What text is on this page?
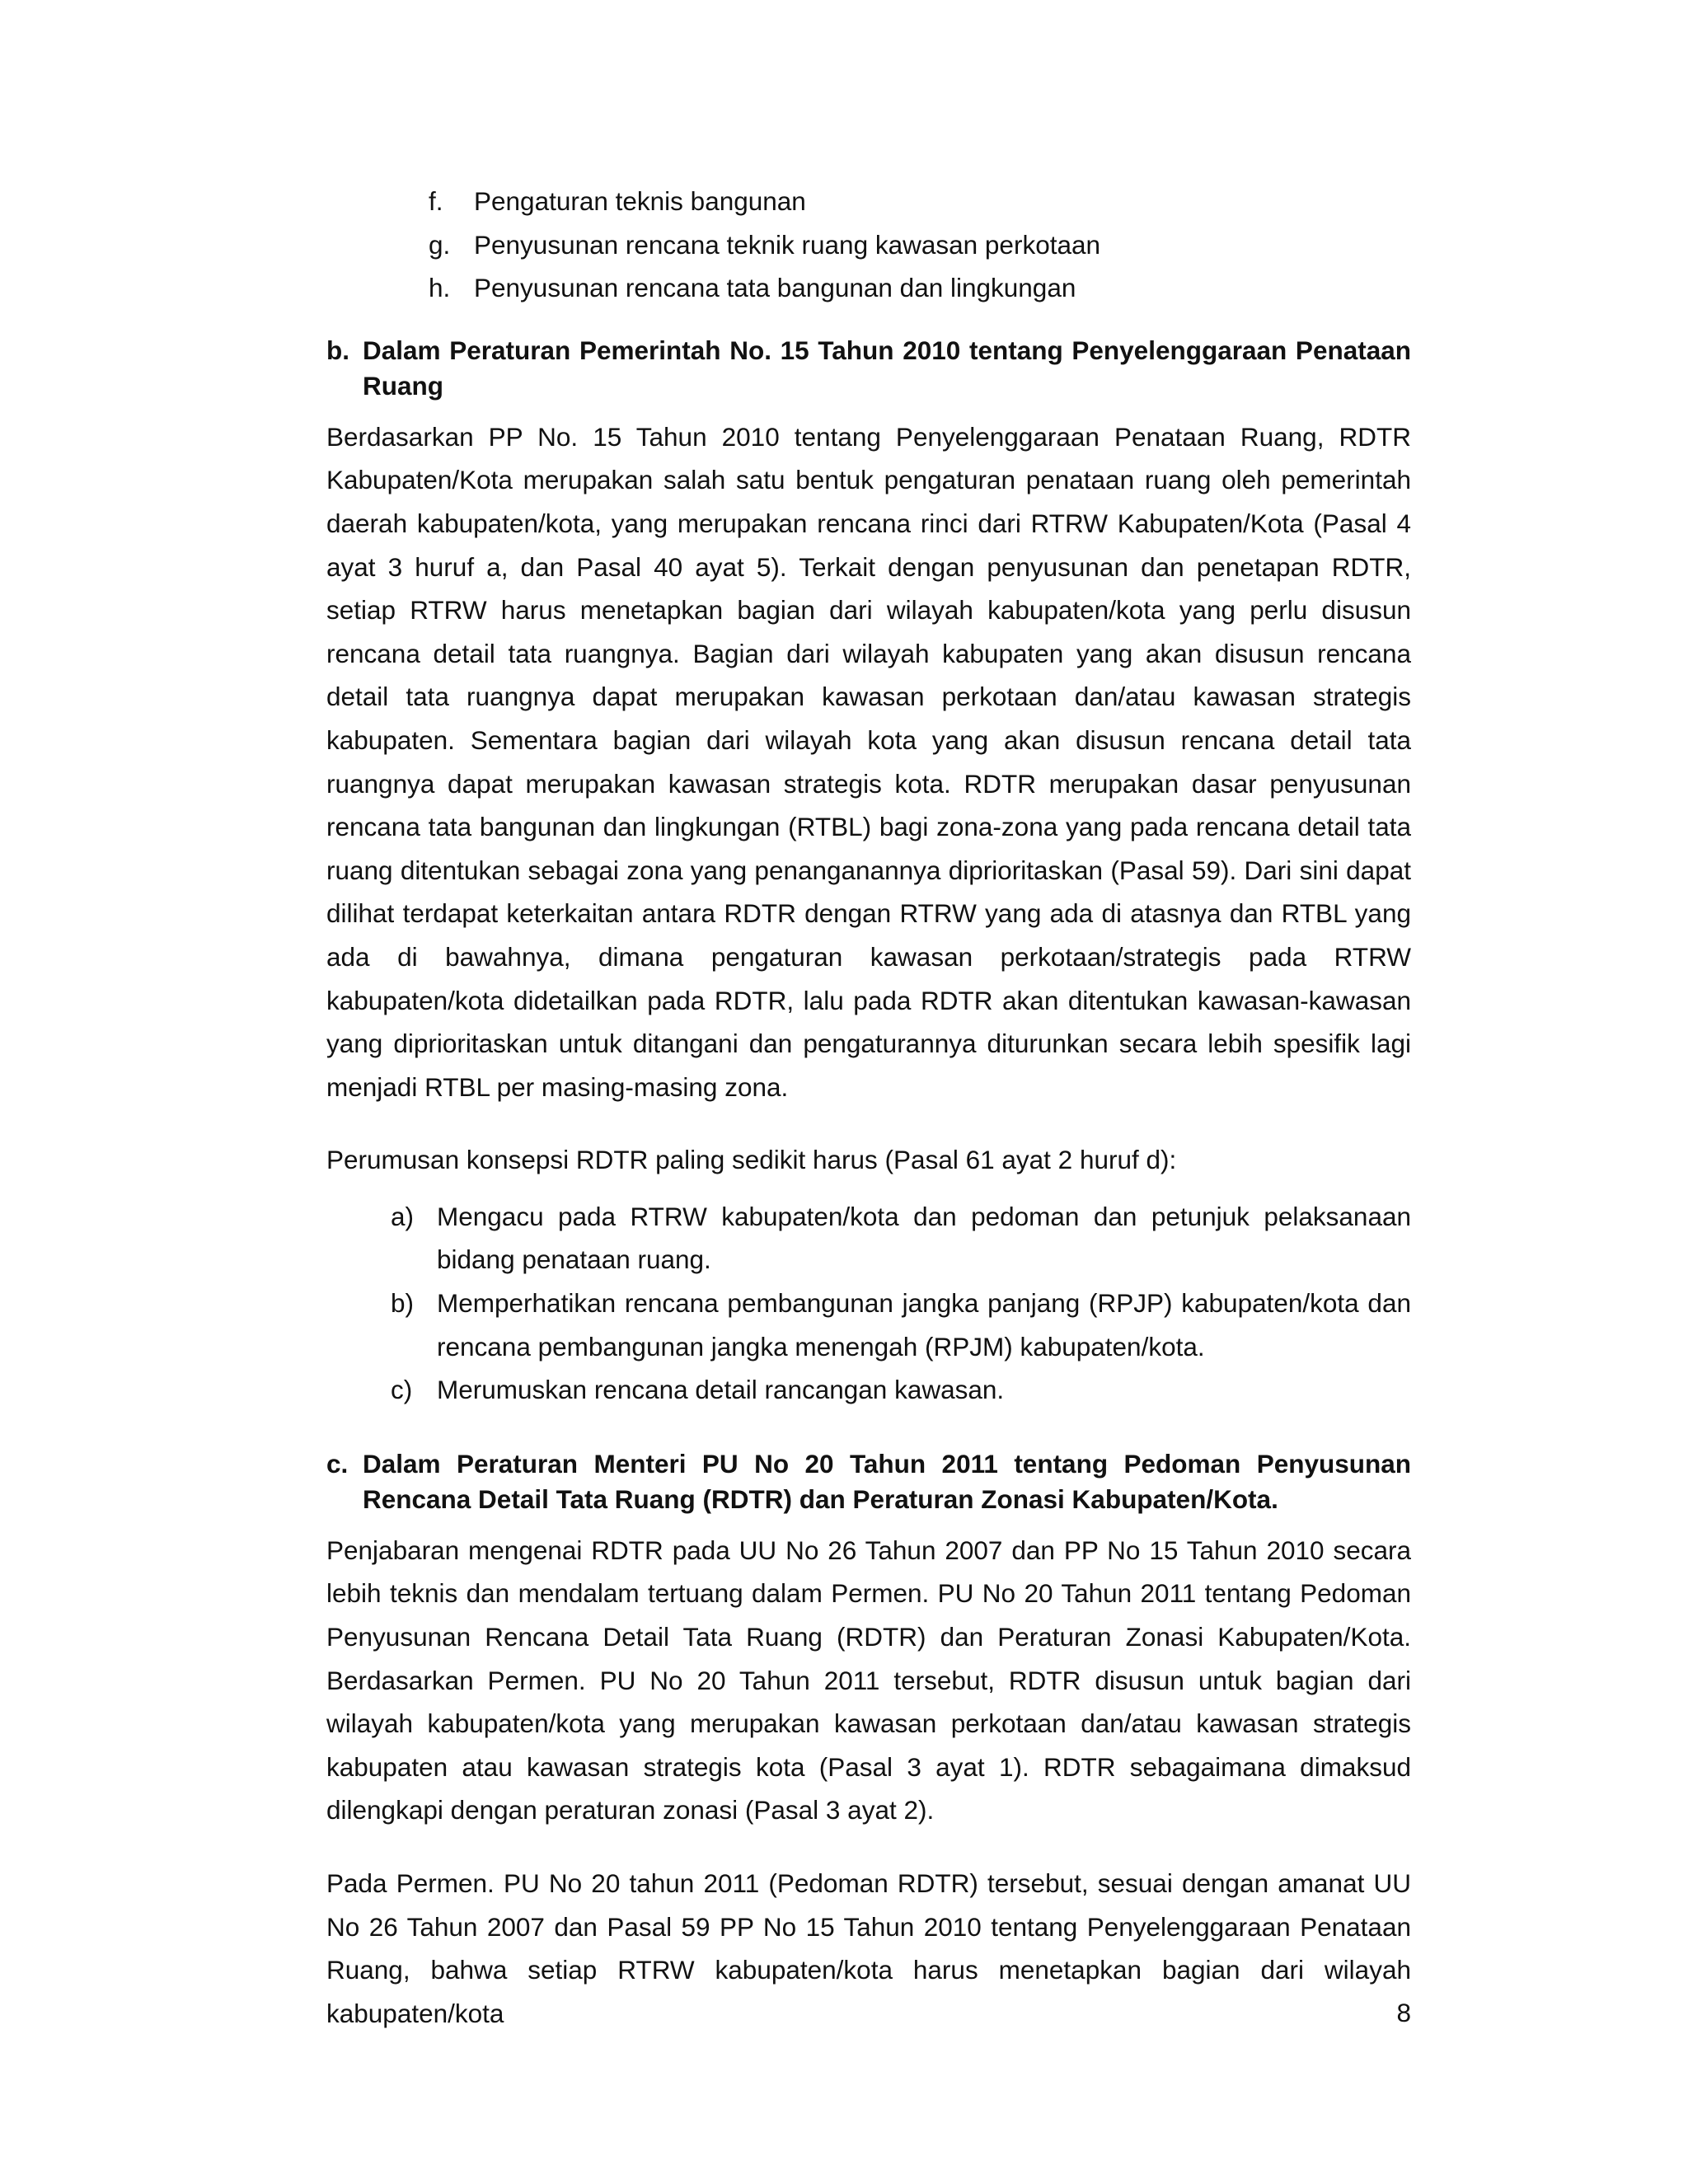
f. Pengaturan teknis bangunan
g. Penyusunan rencana teknik ruang kawasan perkotaan
h. Penyusunan rencana tata bangunan dan lingkungan
b. Dalam Peraturan Pemerintah No. 15 Tahun 2010 tentang Penyelenggaraan Penataan Ruang

Berdasarkan PP No. 15 Tahun 2010 tentang Penyelenggaraan Penataan Ruang, RDTR Kabupaten/Kota merupakan salah satu bentuk pengaturan penataan ruang oleh pemerintah daerah kabupaten/kota, yang merupakan rencana rinci dari RTRW Kabupaten/Kota (Pasal 4 ayat 3 huruf a, dan Pasal 40 ayat 5). Terkait dengan penyusunan dan penetapan RDTR, setiap RTRW harus menetapkan bagian dari wilayah kabupaten/kota yang perlu disusun rencana detail tata ruangnya. Bagian dari wilayah kabupaten yang akan disusun rencana detail tata ruangnya dapat merupakan kawasan perkotaan dan/atau kawasan strategis kabupaten. Sementara bagian dari wilayah kota yang akan disusun rencana detail tata ruangnya dapat merupakan kawasan strategis kota. RDTR merupakan dasar penyusunan rencana tata bangunan dan lingkungan (RTBL) bagi zona-zona yang pada rencana detail tata ruang ditentukan sebagai zona yang penanganannya diprioritaskan (Pasal 59). Dari sini dapat dilihat terdapat keterkaitan antara RDTR dengan RTRW yang ada di atasnya dan RTBL yang ada di bawahnya, dimana pengaturan kawasan perkotaan/strategis pada RTRW kabupaten/kota didetailkan pada RDTR, lalu pada RDTR akan ditentukan kawasan-kawasan yang diprioritaskan untuk ditangani dan pengaturannya diturunkan secara lebih spesifik lagi menjadi RTBL per masing-masing zona.

Perumusan konsepsi RDTR paling sedikit harus (Pasal 61 ayat 2 huruf d):

a) Mengacu pada RTRW kabupaten/kota dan pedoman dan petunjuk pelaksanaan bidang penataan ruang.
b) Memperhatikan rencana pembangunan jangka panjang (RPJP) kabupaten/kota dan rencana pembangunan jangka menengah (RPJM) kabupaten/kota.
c) Merumuskan rencana detail rancangan kawasan.
c. Dalam Peraturan Menteri PU No 20 Tahun 2011 tentang Pedoman Penyusunan Rencana Detail Tata Ruang (RDTR) dan Peraturan Zonasi Kabupaten/Kota.

Penjabaran mengenai RDTR pada UU No 26 Tahun 2007 dan PP No 15 Tahun 2010 secara lebih teknis dan mendalam tertuang dalam Permen. PU No 20 Tahun 2011 tentang Pedoman Penyusunan Rencana Detail Tata Ruang (RDTR) dan Peraturan Zonasi Kabupaten/Kota. Berdasarkan Permen. PU No 20 Tahun 2011 tersebut, RDTR disusun untuk bagian dari wilayah kabupaten/kota yang merupakan kawasan perkotaan dan/atau kawasan strategis kabupaten atau kawasan strategis kota (Pasal 3 ayat 1). RDTR sebagaimana dimaksud dilengkapi dengan peraturan zonasi (Pasal 3 ayat 2).

Pada Permen. PU No 20 tahun 2011 (Pedoman RDTR) tersebut, sesuai dengan amanat UU No 26 Tahun 2007 dan Pasal 59 PP No 15 Tahun 2010 tentang Penyelenggaraan Penataan Ruang, bahwa setiap RTRW kabupaten/kota harus menetapkan bagian dari wilayah kabupaten/kota	8
